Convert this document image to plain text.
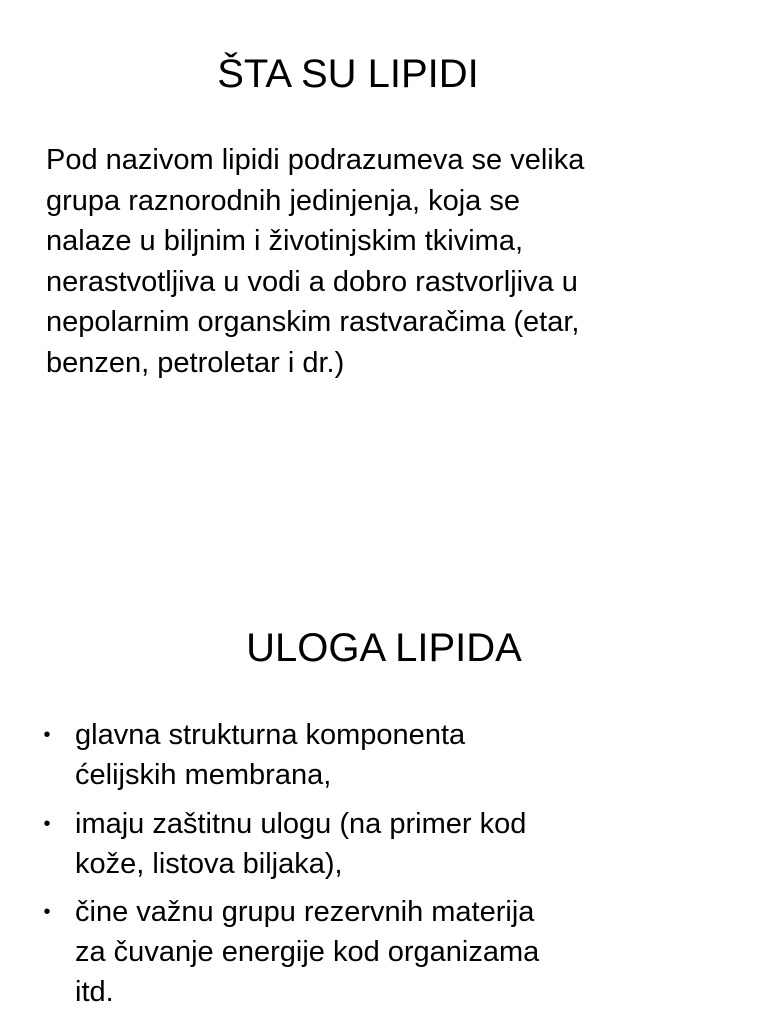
ŠTA SU LIPIDI

Pod nazivom lipidi podrazumeva se velika
grupa raznorodnih jedinjenja, koja se
nalaze u biljnim i životinjskim tkivima,
nerastvotljiva u vodi a dobro rastvorljiva u
nepolarnim organskim rastvaračima (etar,
benzen, petroletar i dr.)

ULOGA LIPIDA
• glavna strukturna komponenta
ćelijskih membrana,
• imaju zaštitnu ulogu (na primer kod
kože, listova biljaka),
• čine važnu grupu rezervnih materija
za čuvanje energije kod organizama
itd.
